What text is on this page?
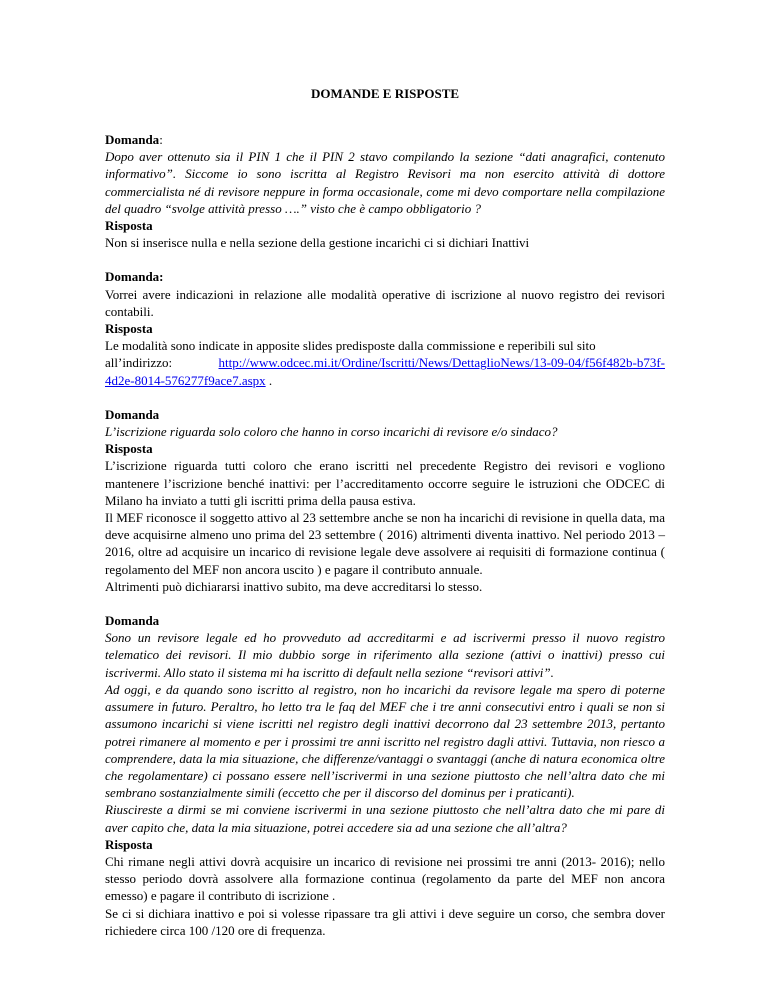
DOMANDE E RISPOSTE
Domanda:

Dopo aver ottenuto sia il PIN 1 che il PIN 2 stavo compilando la sezione “dati anagrafici, contenuto informativo”. Siccome io sono iscritta al Registro Revisori ma non esercito attività di dottore commercialista né di revisore neppure in forma occasionale, come mi devo comportare nella compilazione del quadro “svolge attività presso ….” visto che è campo obbligatorio ?

Risposta

Non si inserisce nulla e nella sezione della gestione incarichi ci si dichiari Inattivi

Domanda:

Vorrei avere indicazioni in relazione alle modalità operative di iscrizione al nuovo registro dei revisori contabili.

Risposta

Le modalità sono indicate in apposite slides predisposte dalla commissione e reperibili sul sito

all’indirizzo:	http://www.odcec.mi.it/Ordine/Iscritti/News/DettaglioNews/13-09-04/f56f482b-b73f-

4d2e-8014-576277f9ace7.aspx .

Domanda

L’iscrizione riguarda solo coloro che hanno in corso incarichi di revisore e/o sindaco?

Risposta

L’iscrizione riguarda tutti coloro che erano iscritti nel precedente Registro dei revisori e vogliono mantenere l’iscrizione benché inattivi: per l’accreditamento occorre seguire le istruzioni che ODCEC di Milano ha inviato a tutti gli iscritti prima della pausa estiva.

Il MEF riconosce il soggetto attivo al 23 settembre anche se non ha incarichi di revisione in quella data, ma deve acquisirne almeno uno prima del 23 settembre ( 2016) altrimenti diventa inattivo. Nel periodo 2013 – 2016, oltre ad acquisire un incarico di revisione legale deve assolvere ai requisiti di formazione continua ( regolamento del MEF non ancora uscito ) e pagare il contributo annuale.

Altrimenti può dichiararsi inattivo subito, ma deve accreditarsi lo stesso.

Domanda

Sono un revisore legale ed ho provveduto ad accreditarmi e ad iscrivermi presso il nuovo registro telematico dei revisori. Il mio dubbio sorge in riferimento alla sezione (attivi o inattivi) presso cui iscrivermi. Allo stato il sistema mi ha iscritto di default nella sezione “revisori attivi”.

Ad oggi, e da quando sono iscritto al registro, non ho incarichi da revisore legale ma spero di poterne assumere in futuro. Peraltro, ho letto tra le faq del MEF che i tre anni consecutivi entro i quali se non si assumono incarichi si viene iscritti nel registro degli inattivi decorrono dal 23 settembre 2013, pertanto potrei rimanere al momento e per i prossimi tre anni iscritto nel registro dagli attivi. Tuttavia, non riesco a comprendere, data la mia situazione, che differenze/vantaggi o svantaggi (anche di natura economica oltre che regolamentare) ci possano essere nell’iscrivermi in una sezione piuttosto che nell’altra dato che mi sembrano sostanzialmente simili (eccetto che per il discorso del dominus per i praticanti).

Riuscireste a dirmi se mi conviene iscrivermi in una sezione piuttosto che nell’altra dato che mi pare di aver capito che, data la mia situazione, potrei accedere sia ad una sezione che all’altra?

Risposta

Chi rimane negli attivi dovrà acquisire un incarico di revisione nei prossimi tre anni (2013- 2016); nello stesso periodo dovrà assolvere alla formazione continua (regolamento da parte del MEF non ancora emesso) e pagare il contributo di iscrizione .

Se ci si dichiara inattivo e poi si volesse ripassare tra gli attivi i deve seguire un corso, che sembra dover richiedere circa 100 /120 ore di frequenza.
